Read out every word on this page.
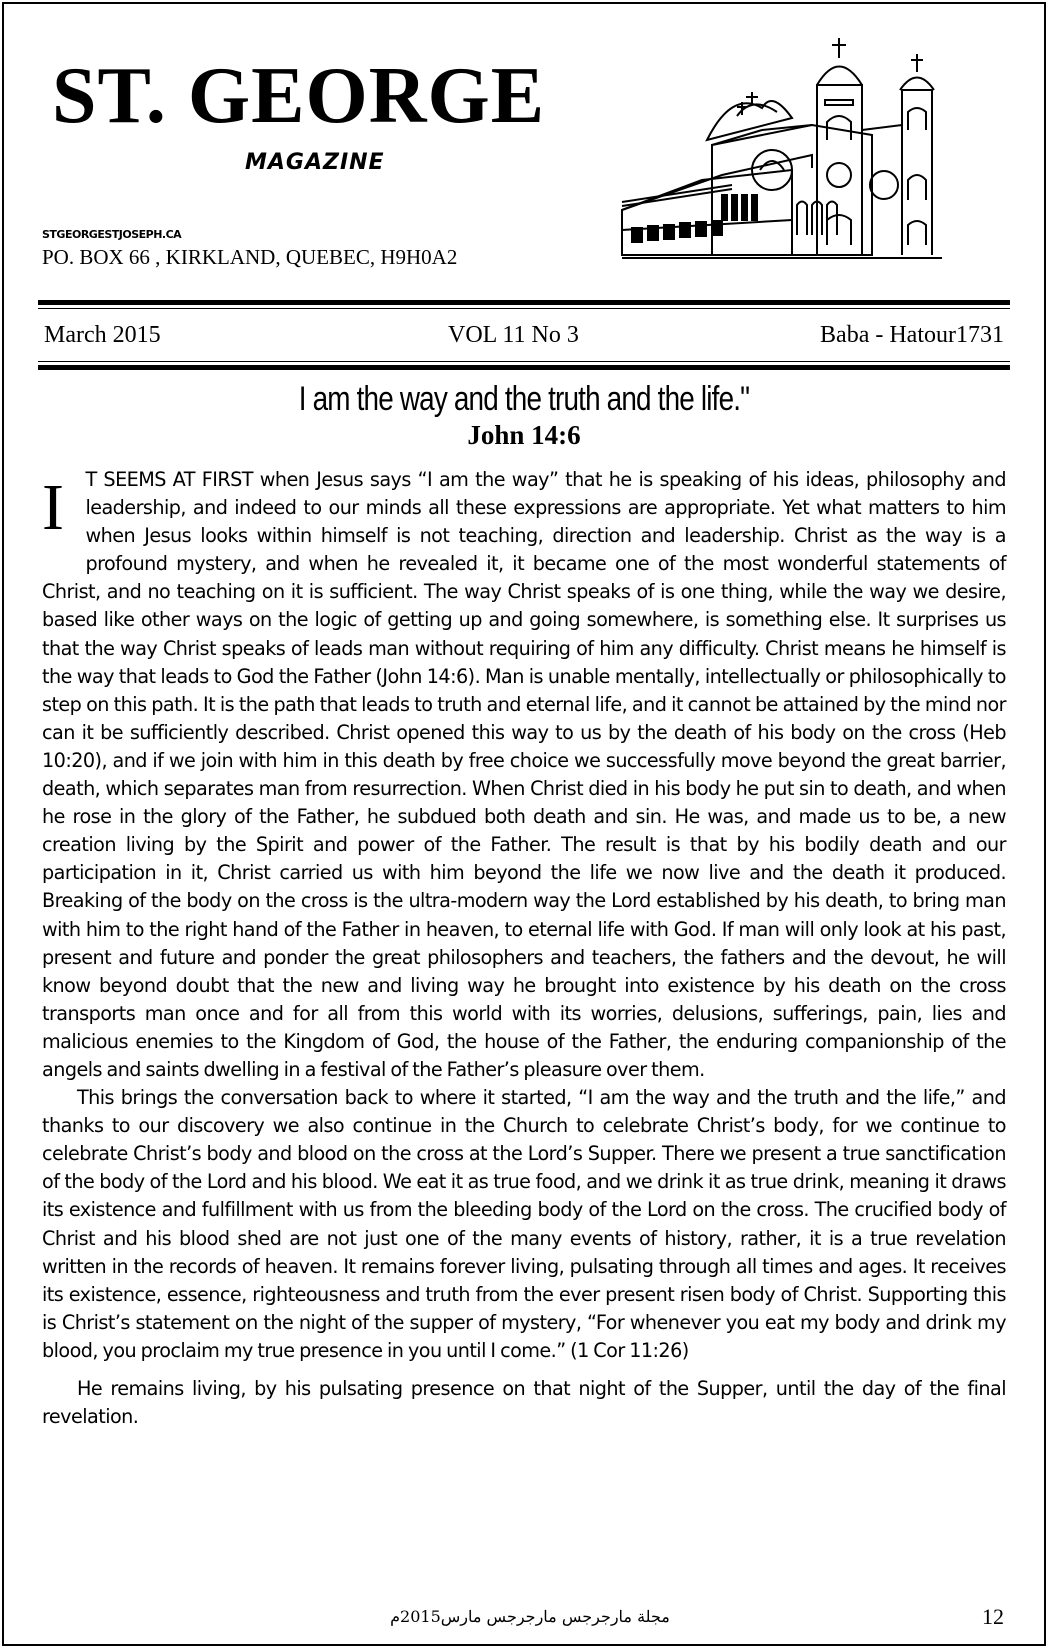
ST. GEORGE
MAGAZINE
STGEORGESTJOSEPH.CA
PO. BOX 66 , KIRKLAND, QUEBEC, H9H0A2
March 2015	VOL 11 No 3	Baba - Hatour1731
I am the way and the truth and the life."
John 14:6

I T SEEMS AT FIRST when Jesus says “I am the way” that he is speaking of his ideas, philosophy and leadership, and indeed to our minds all these expressions are appropriate. Yet what matters to him when Jesus looks within himself is not teaching, direction and leadership. Christ as the way is a profound mystery, and when he revealed it, it became one of the most wonderful statements of Christ, and no teaching on it is sufficient. The way Christ speaks of is one thing, while the way we desire, based like other ways on the logic of getting up and going somewhere, is something else. It surprises us that the way Christ speaks of leads man without requiring of him any difficulty. Christ means he himself is the way that leads to God the Father (John 14:6). Man is unable mentally, intellectually or philosophically to step on this path. It is the path that leads to truth and eternal life, and it cannot be attained by the mind nor can it be sufficiently described. Christ opened this way to us by the death of his body on the cross (Heb 10:20), and if we join with him in this death by free choice we successfully move beyond the great barrier, death, which separates man from resurrection. When Christ died in his body he put sin to death, and when he rose in the glory of the Father, he subdued both death and sin. He was, and made us to be, a new creation living by the Spirit and power of the Father. The result is that by his bodily death and our participation in it, Christ carried us with him beyond the life we now live and the death it produced. Breaking of the body on the cross is the ultra-modern way the Lord established by his death, to bring man with him to the right hand of the Father in heaven, to eternal life with God. If man will only look at his past, present and future and ponder the great philosophers and teachers, the fathers and the devout, he will know beyond doubt that the new and living way he brought into existence by his death on the cross transports man once and for all from this world with its worries, delusions, sufferings, pain, lies and malicious enemies to the Kingdom of God, the house of the Father, the enduring companionship of the angels and saints dwelling in a festival of the Father’s pleasure over them.

This brings the conversation back to where it started, “I am the way and the truth and the life,” and thanks to our discovery we also continue in the Church to celebrate Christ’s body, for we continue to celebrate Christ’s body and blood on the cross at the Lord’s Supper. There we present a true sanctification of the body of the Lord and his blood. We eat it as true food, and we drink it as true drink, meaning it draws its existence and fulfillment with us from the bleeding body of the Lord on the cross. The crucified body of Christ and his blood shed are not just one of the many events of history, rather, it is a true revelation written in the records of heaven. It remains forever living, pulsating through all times and ages. It receives its existence, essence, righteousness and truth from the ever present risen body of Christ. Supporting this is Christ’s statement on the night of the supper of mystery, “For whenever you eat my body and drink my blood, you proclaim my true presence in you until I come.” (1 Cor 11:26)

He remains living, by his pulsating presence on that night of the Supper, until the day of the final revelation.

مجلة مارجرجس مارجرجس مارس2015م	12
